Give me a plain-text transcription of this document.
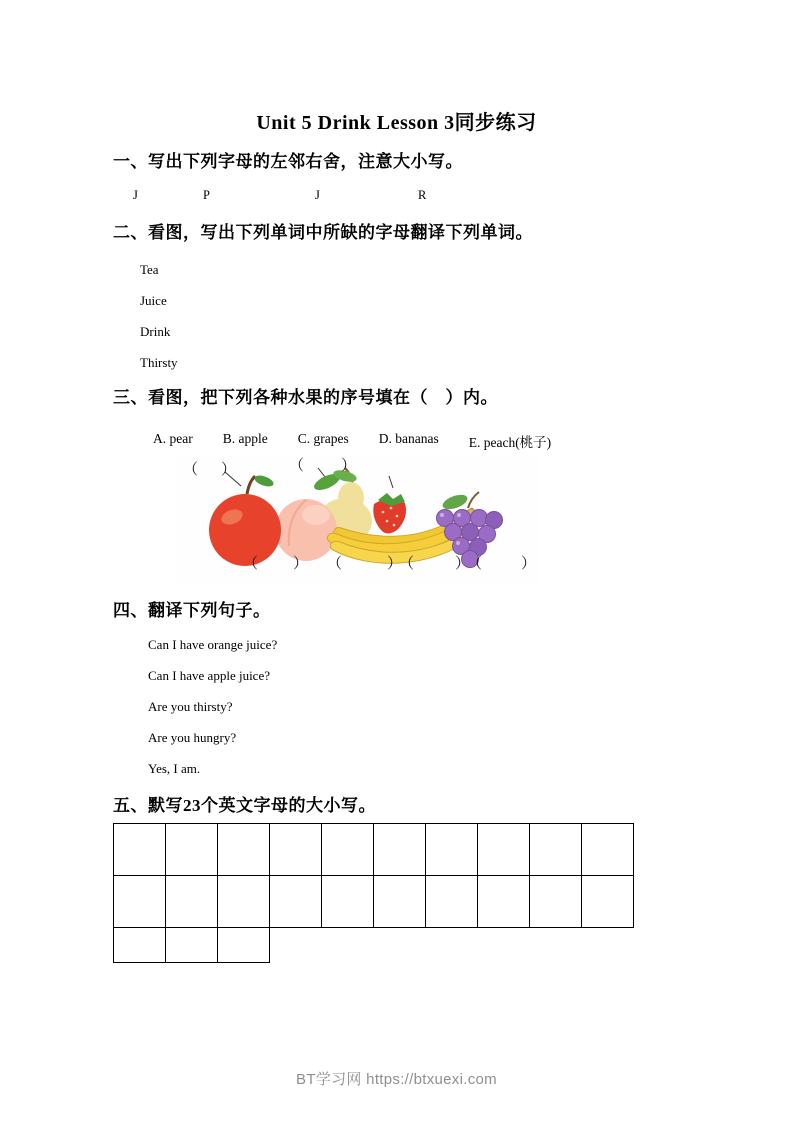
Unit 5 Drink Lesson 3同步练习
一、写出下列字母的左邻右舍，注意大小写。
J	P	J	R
二、看图，写出下列单词中所缺的字母翻译下列单词。
Tea
Juice
Drink
Thirsty
三、看图，把下列各种水果的序号填在（　）内。
A. pear B. apple C. grapes D. bananas E. peach(桃子)
（ ）	（ ）
（ ） （	）
（	）
（	）
四、翻译下列句子。
Can I have orange juice?
Can I have apple juice?
Are you thirsty?
Are you hungry?
Yes, I am.
五、默写23个英文字母的大小写。
BT学习网 https://btxuexi.com
